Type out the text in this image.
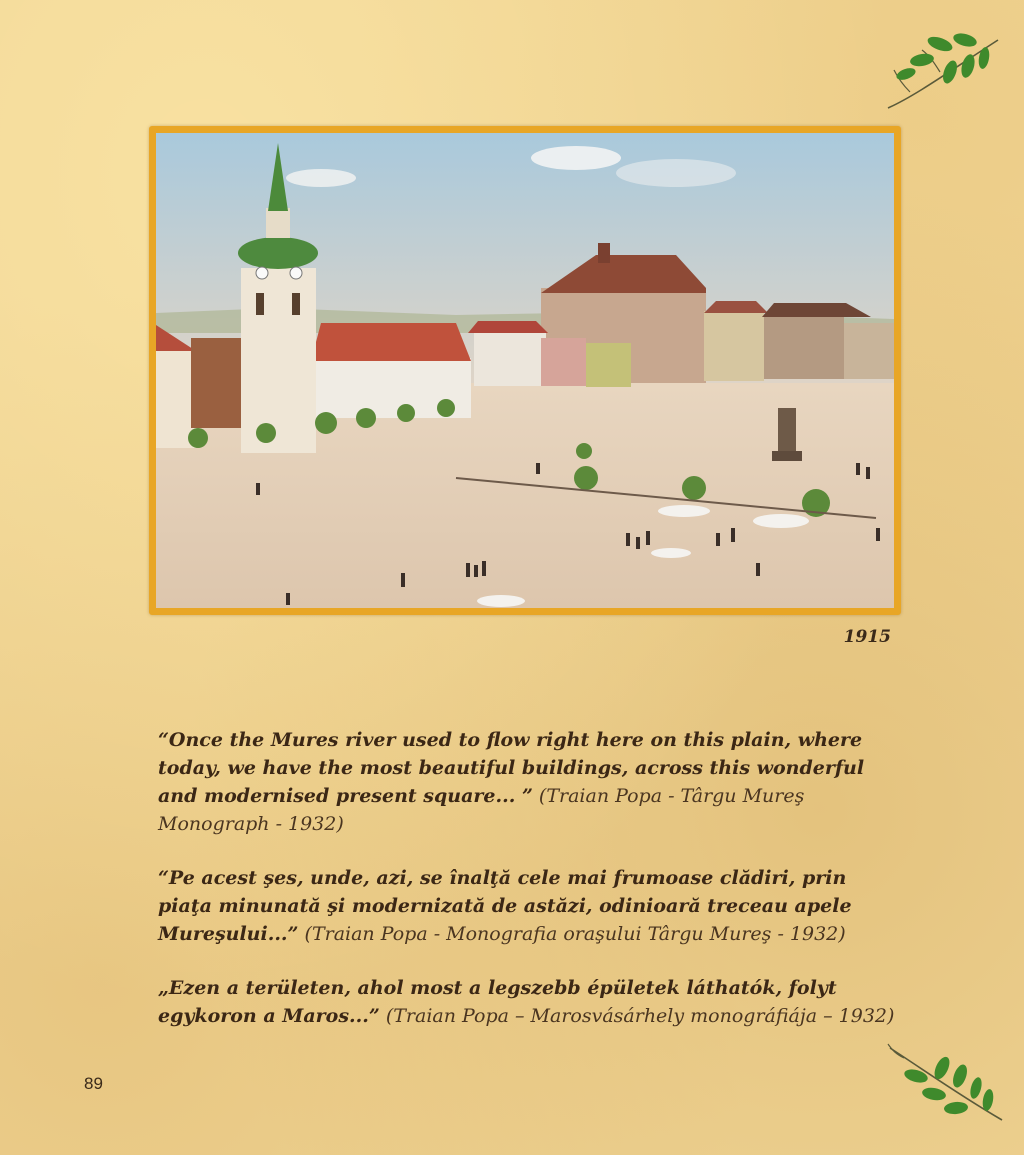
1915

“Once the Mures river used to flow right here on this plain, where today, we have the most beautiful buildings, across this wonderful and modernised present square... ” (Traian Popa - Târgu Mureş Monograph - 1932)

“Pe acest şes, unde, azi, se înalţă cele mai frumoase clădiri, prin piaţa minunată şi modernizată de astăzi, odinioară treceau apele Mureşului...” (Traian Popa - Monografia oraşului Târgu Mureş - 1932)

„Ezen a területen, ahol most a legszebb épületek láthatók, folyt egykoron a Maros...” (Traian Popa – Marosvásárhely monográfiája – 1932)

89
